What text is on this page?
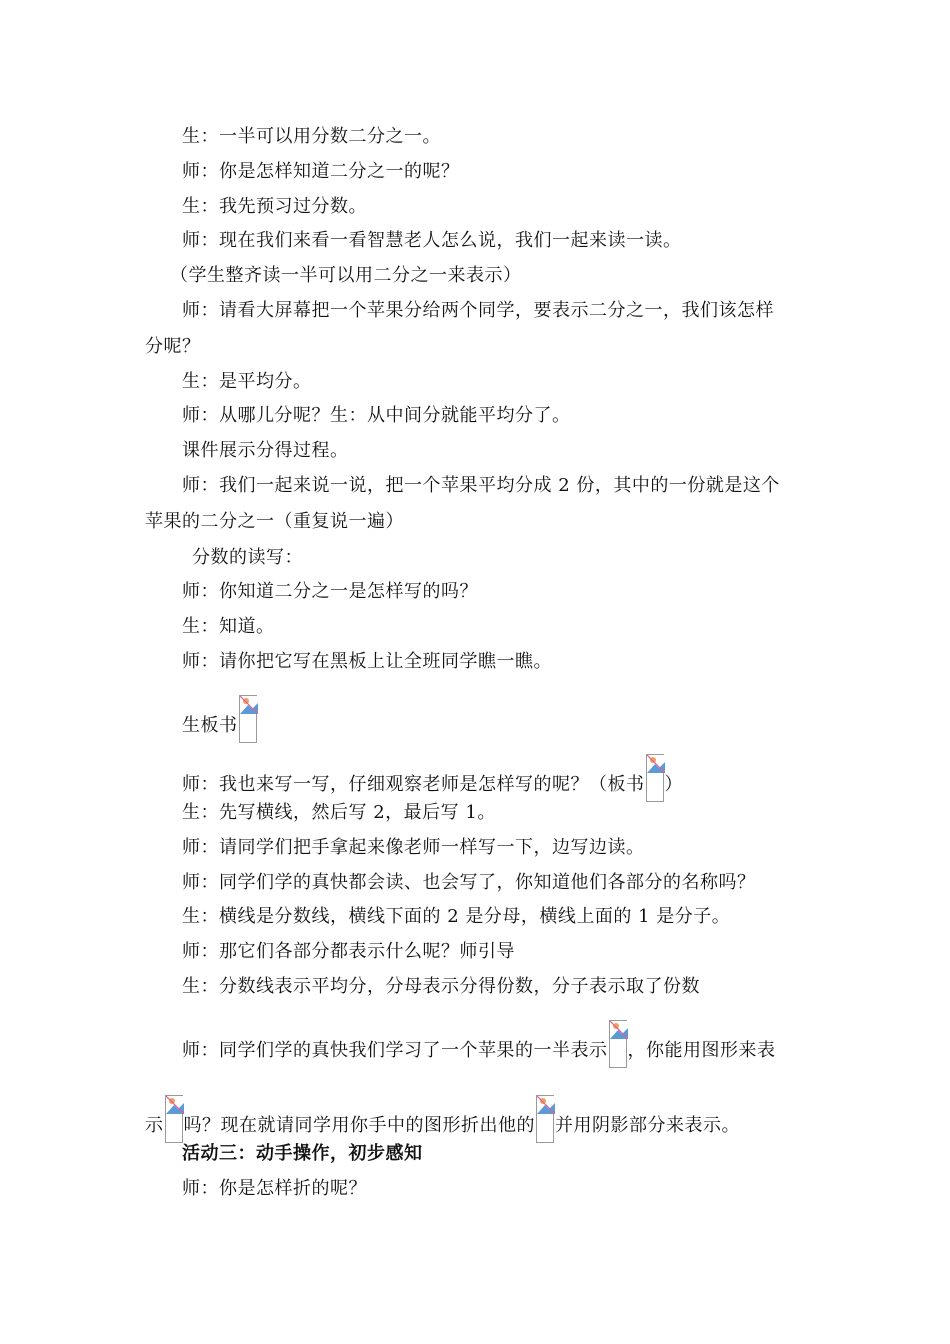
生：一半可以用分数二分之一。
师：你是怎样知道二分之一的呢？
生：我先预习过分数。
师：现在我们来看一看智慧老人怎么说，我们一起来读一读。
（学生整齐读一半可以用二分之一来表示）
师：请看大屏幕把一个苹果分给两个同学，要表示二分之一，我们该怎样
分呢？
生：是平均分。
师：从哪儿分呢？生：从中间分就能平均分了。
课件展示分得过程。
师：我们一起来说一说，把一个苹果平均分成 2 份，其中的一份就是这个
苹果的二分之一（重复说一遍）
分数的读写：
师：你知道二分之一是怎样写的吗？
生：知道。
师：请你把它写在黑板上让全班同学瞧一瞧。
生板书
师：我也来写一写，仔细观察老师是怎样写的呢？（板书 ）
生：先写横线，然后写 2，最后写 1。
师：请同学们把手拿起来像老师一样写一下，边写边读。
师：同学们学的真快都会读、也会写了，你知道他们各部分的名称吗？
生：横线是分数线，横线下面的 2 是分母，横线上面的 1 是分子。
师：那它们各部分都表示什么呢？师引导
生：分数线表示平均分，分母表示分得份数，分子表示取了份数
师：同学们学的真快我们学习了一个苹果的一半表示 ，你能用图形来表
示 吗？现在就请同学用你手中的图形折出他的 并用阴影部分来表示。
活动三：动手操作，初步感知
师：你是怎样折的呢？
